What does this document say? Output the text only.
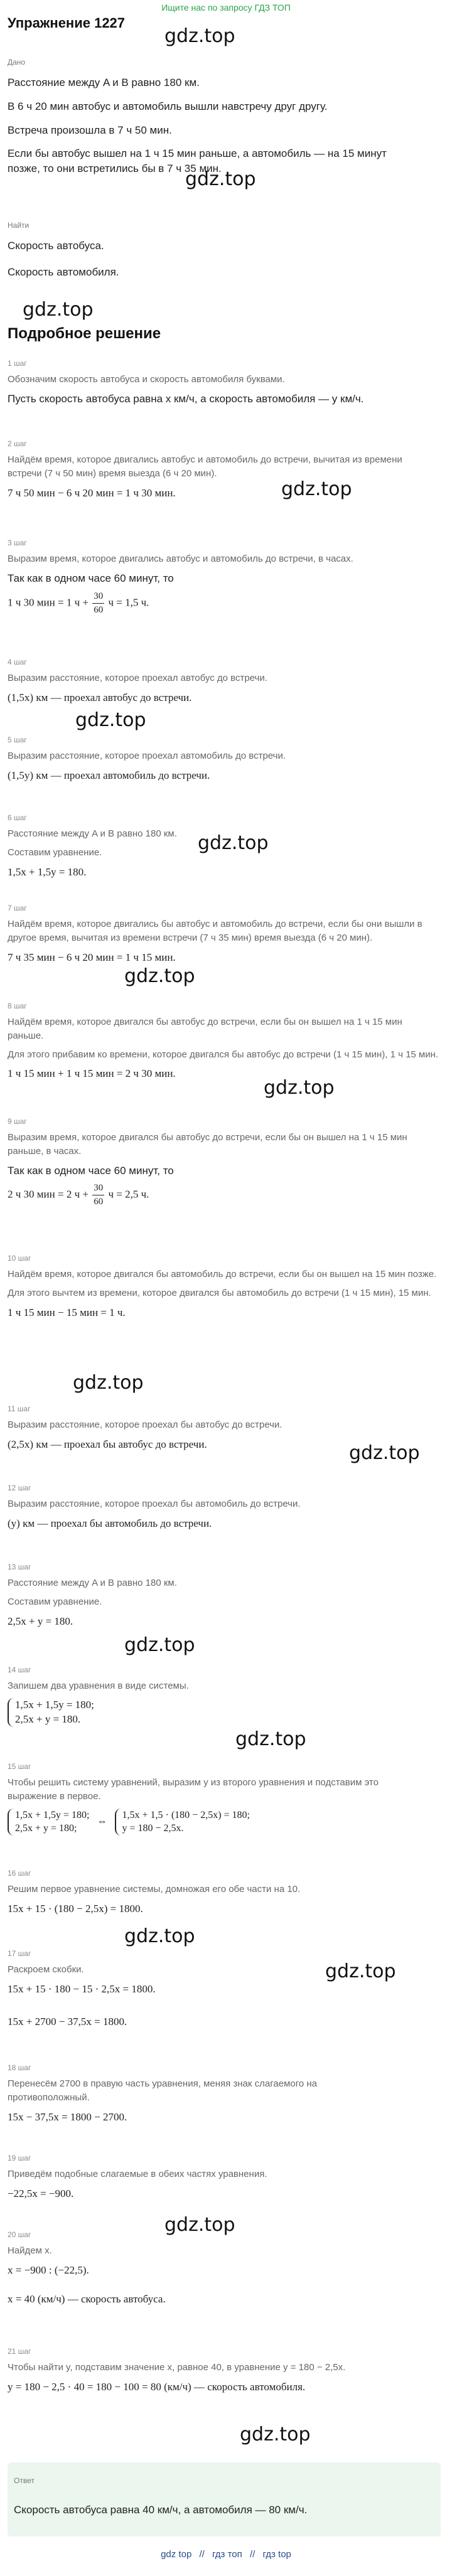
Ищите нас по запросу ГДЗ ТОП
Упражнение 1227
gdz.top

Дано

Расстояние между A и B равно 180 км.

В 6 ч 20 мин автобус и автомобиль вышли навстречу друг другу.

Встреча произошла в 7 ч 50 мин.

Если бы автобус вышел на 1 ч 15 мин раньше, а автомобиль — на 15 минут позже, то они встретились бы в 7 ч 35 мин.

Найти

Скорость автобуса.

Скорость автомобиля.

gdz.top
gdz.top
Подробное решение
1 шаг

Обозначим скорость автобуса и скорость автомобиля буквами.

Пусть скорость автобуса равна x км/ч, а скорость автомобиля — y км/ч.

2 шаг

Найдём время, которое двигались автобус и автомобиль до встречи, вычитая из времени встречи (7 ч 50 мин) время выезда (6 ч 20 мин).

7 ч 50 мин − 6 ч 20 мин = 1 ч 30 мин.	gdz.top
3 шаг

Выразим время, которое двигались автобус и автомобиль до встречи, в часах.

Так как в одном часе 60 минут, то

1 ч 30 мин = 1 $ч + \frac{30}{60}$ ч = 1,5 ч.

4 шаг

Выразим расстояние, которое проехал автобус до встречи.

(1,5x) км — проехал автобус до встречи.

gdz.top
5 шаг

Выразим расстояние, которое проехал автомобиль до встречи.

(1,5y) км — проехал автомобиль до встречи.

6 шаг

Расстояние между A и B равно 180 км.

Составим уравнение.

1,5x + 1,5y = 180.

gdz.top
7 шаг

Найдём время, которое двигались бы автобус и автомобиль до встречи, если бы они вышли в другое время, вычитая из времени встречи (7 ч 35 мин) время выезда (6 ч 20 мин).

7 ч 35 мин − 6 ч 20 мин = 1 ч 15 мин.

gdz.top
8 шаг

Найдём время, которое двигался бы автобус до встречи, если бы он вышел на 1 ч 15 мин раньше.

Для этого прибавим ко времени, которое двигался бы автобус до встречи (1 ч 15 мин), 1 ч 15 мин.

1 ч 15 мин + 1 ч 15 мин = 2 ч 30 мин.

gdz.top
9 шаг

Выразим время, которое двигался бы автобус до встречи, если бы он вышел на 1 ч 15 мин раньше, в часах.

Так как в одном часе 60 минут, то

2 ч 30 мин = 2 $ч + \frac{30}{60}$ ч = 2,5 ч.

10 шаг

Найдём время, которое двигался бы автомобиль до встречи, если бы он вышел на 15 мин позже.

Для этого вычтем из времени, которое двигался бы автомобиль до встречи (1 ч 15 мин), 15 мин.

1 ч 15 мин − 15 мин = 1 ч.

gdz.top
11 шаг

Выразим расстояние, которое проехал бы автобус до встречи.

(2,5x) км — проехал бы автобус до встречи.	gdz.top
12 шаг

Выразим расстояние, которое проехал бы автомобиль до встречи.

(y) км — проехал бы автомобиль до встречи.

13 шаг

Расстояние между A и B равно 180 км.

Составим уравнение.

2,5x + y = 180.

gdz.top
14 шаг

Запишем два уравнения в виде системы.

1,5x + 1,5y = 180;
2,5x + y = 180.
gdz.top
15 шаг

Чтобы решить систему уравнений, выразим y из второго уравнения и подставим это выражение в первое.

1,5x + 1,5y = 180;
2,5x + y = 180;
⇔
1,5x + 1,5 · (180 − 2,5x) = 180;
y = 180 − 2,5x.
16 шаг

Решим первое уравнение системы, домножая его обе части на 10.

15x + 15 · (180 − 2,5x) = 1800.

gdz.top
gdz.top
17 шаг

Раскроем скобки.

15x + 15 · 180 − 15 · 2,5x = 1800.

15x + 2700 − 37,5x = 1800.

18 шаг

Перенесём 2700 в правую часть уравнения, меняя знак слагаемого на противоположный.

15x − 37,5x = 1800 − 2700.

19 шаг

Приведём подобные слагаемые в обеих частях уравнения.

−22,5x = −900.

gdz.top
20 шаг

Найдем x.

x = −900 : (−22,5).

x = 40 (км/ч) — скорость автобуса.

21 шаг

Чтобы найти y, подставим значение x, равное 40, в уравнение y = 180 − 2,5x.

y = 180 − 2,5 · 40 = 180 − 100 = 80 (км/ч) — скорость автомобиля.

gdz.top
Ответ
Скорость автобуса равна 40 км/ч, а автомобиля — 80 км/ч.
gdz top // гдз топ // гдз top
